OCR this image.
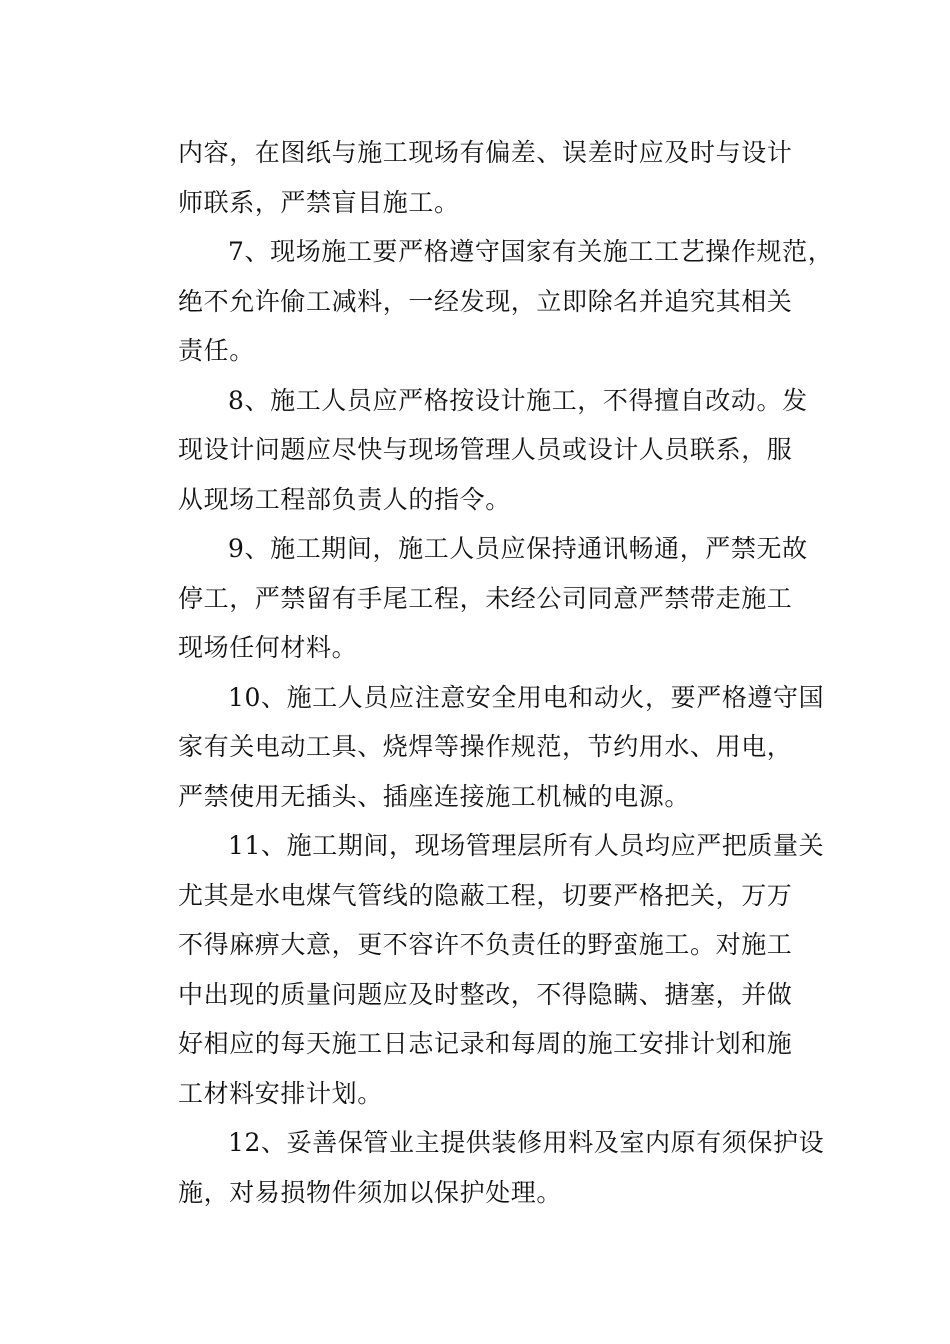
内容，在图纸与施工现场有偏差、误差时应及时与设计
师联系，严禁盲目施工。
7、现场施工要严格遵守国家有关施工工艺操作规范，
绝不允许偷工减料，一经发现，立即除名并追究其相关
责任。
8、施工人员应严格按设计施工，不得擅自改动。发
现设计问题应尽快与现场管理人员或设计人员联系，服
从现场工程部负责人的指令。
9、施工期间，施工人员应保持通讯畅通，严禁无故
停工，严禁留有手尾工程，未经公司同意严禁带走施工
现场任何材料。
10、施工人员应注意安全用电和动火，要严格遵守国
家有关电动工具、烧焊等操作规范，节约用水、用电，
严禁使用无插头、插座连接施工机械的电源。
11、施工期间，现场管理层所有人员均应严把质量关
尤其是水电煤气管线的隐蔽工程，切要严格把关，万万
不得麻痹大意，更不容许不负责任的野蛮施工。对施工
中出现的质量问题应及时整改，不得隐瞒、搪塞，并做
好相应的每天施工日志记录和每周的施工安排计划和施
工材料安排计划。
12、妥善保管业主提供装修用料及室内原有须保护设
施，对易损物件须加以保护处理。
